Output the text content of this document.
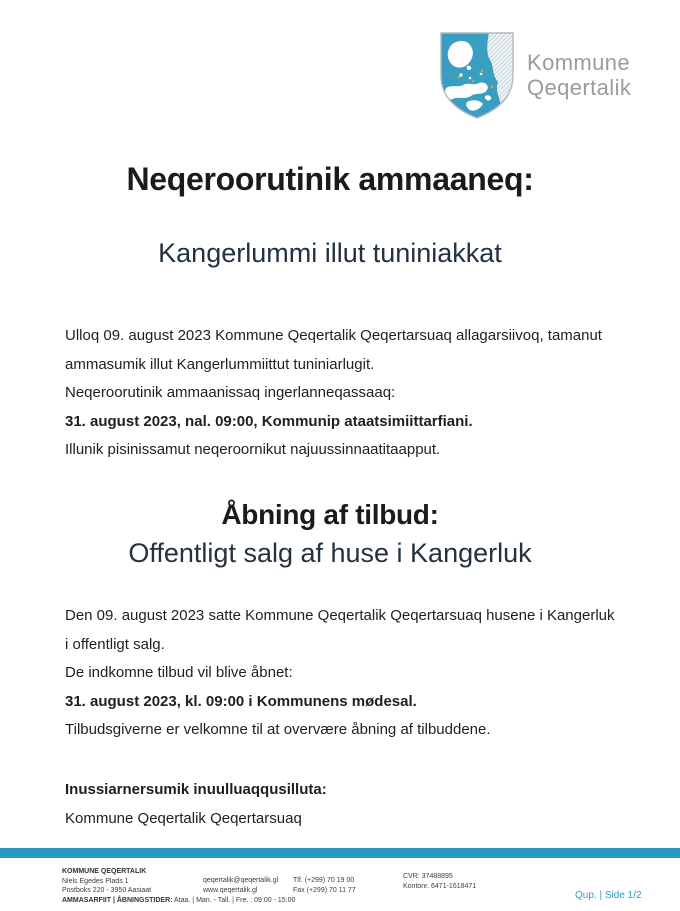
Kommune
Qeqertalik
Neqeroorutinik ammaaneq:
Kangerlummi illut tuniniakkat

Ulloq 09. august 2023 Kommune Qeqertalik Qeqertarsuaq allagarsiivoq, tamanut ammasumik illut Kangerlummiittut tuniniarlugit.

Neqeroorutinik ammaanissaq ingerlanneqassaaq:

31. august 2023, nal. 09:00, Kommunip ataatsimiittarfiani.

Illunik pisinissamut neqeroornikut najuussinnaatitaapput.

Åbning af tilbud:
Offentligt salg af huse i Kangerluk

Den 09. august 2023 satte Kommune Qeqertalik Qeqertarsuaq husene i Kangerluk i offentligt salg.

De indkomne tilbud vil blive åbnet:

31. august 2023, kl. 09:00 i Kommunens mødesal.

Tilbudsgiverne er velkomne til at overvære åbning af tilbuddene.

Inussiarnersumik inuulluaqqusilluta:

Kommune Qeqertalik Qeqertarsuaq

KOMMUNE QEQERTALIK
Niels Egedes Plads 1
Postboks 220 - 3950 Aasiaat
qeqertalik@qeqertalik.gl
www.qeqertalik.gl
Tlf. (+299) 70 19 00
Fax (+299) 70 11 77
CVR: 37488895
Kontonr. 6471-1618471
AMMASARFIIT | ÅBNINGSTIDER: Ataa. | Man. - Tall. | Fre. : 09:00 - 15:00	Qup. | Side 1/2
